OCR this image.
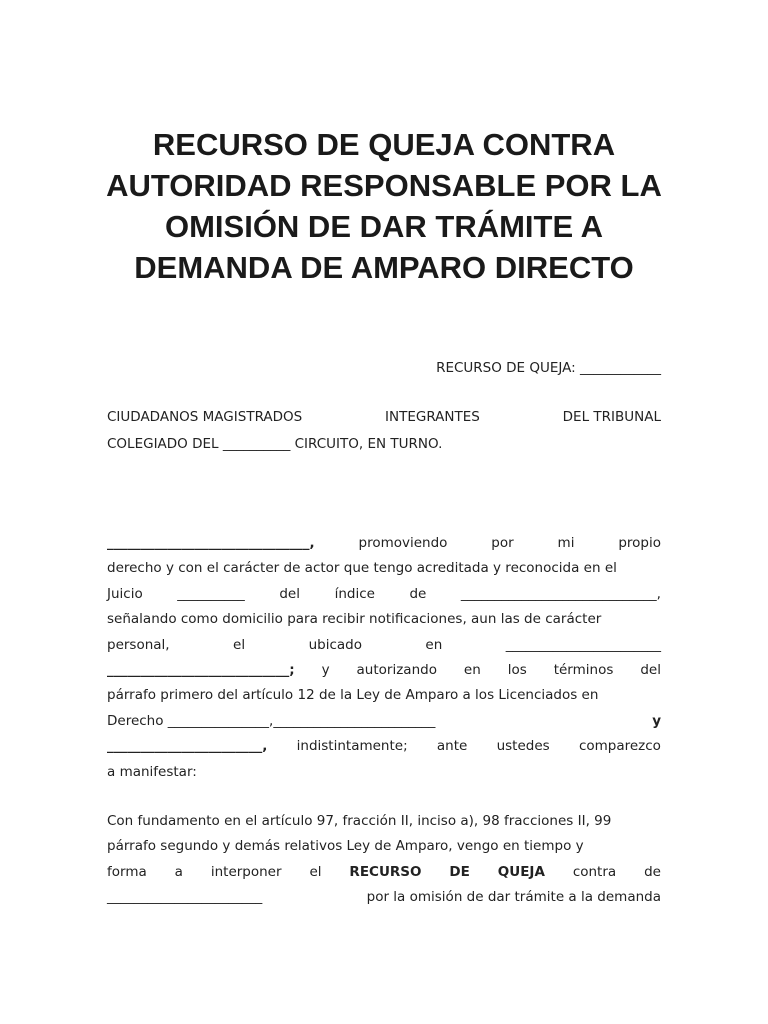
RECURSO DE QUEJA CONTRA
AUTORIDAD RESPONSABLE POR LA
OMISIÓN DE DAR TRÁMITE A
DEMANDA DE AMPARO DIRECTO
RECURSO DE QUEJA: ____________
CIUDADANOS MAGISTRADOS	INTEGRANTES	DEL TRIBUNAL
COLEGIADO DEL __________ CIRCUITO, EN TURNO.
______________________________,	promoviendo	por	mi	propio
derecho y con el carácter de actor que tengo acreditada y reconocida en el
Juicio	__________	del	índice	de	_____________________________,
señalando como domicilio para recibir notificaciones, aun las de carácter
personal,	el	ubicado	en	_______________________
___________________________; y autorizando en los términos del
párrafo primero del artículo 12 de la Ley de Amparo a los Licenciados en
Derecho _______________,________________________	y
_______________________, indistintamente; ante ustedes comparezco
a manifestar:
Con fundamento en el artículo 97, fracción II, inciso a), 98 fracciones II, 99
párrafo segundo y demás relativos Ley de Amparo, vengo en tiempo y
forma a interponer el RECURSO DE QUEJA contra de
_______________________	por la omisión de dar trámite a la demanda
